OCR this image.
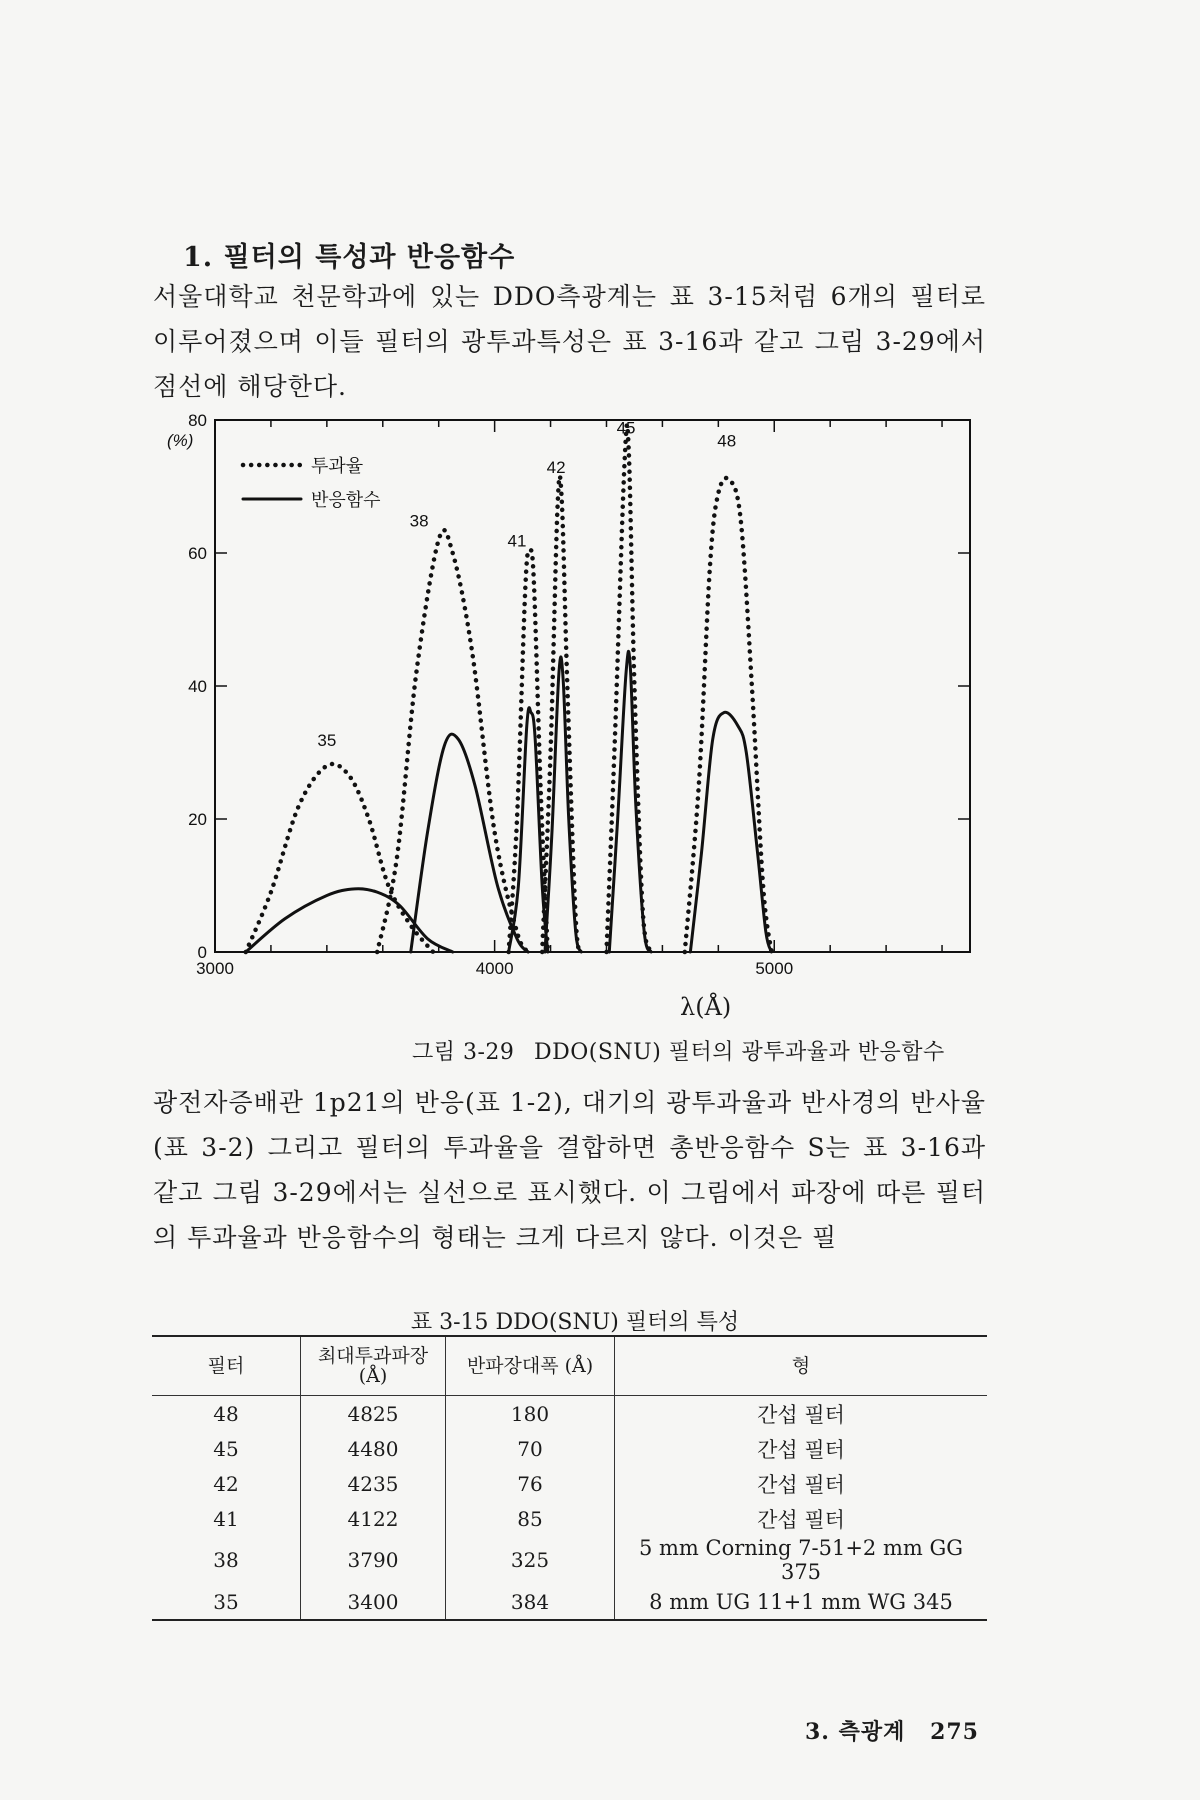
1. 필터의 특성과 반응함수

서울대학교 천문학과에 있는 DDO측광계는 표 3-15처럼 6개의 필터로 이루어졌으며 이들 필터의 광투과특성은 표 3-16과 같고 그림 3-29에서 점선에 해당한다.

3000	4000	5000
0
20
40
60
80
(%)
35
38
41
42
45
48
투과율
반응함수
λ(Å)
그림 3-29 DDO(SNU) 필터의 광투과율과 반응함수

광전자증배관 1p21의 반응(표 1-2), 대기의 광투과율과 반사경의 반사율(표 3-2) 그리고 필터의 투과율을 결합하면 총반응함수 S는 표 3-16과 같고 그림 3-29에서는 실선으로 표시했다. 이 그림에서 파장에 따른 필터의 투과율과 반응함수의 형태는 크게 다르지 않다. 이것은 필

표 3-15 DDO(SNU) 필터의 특성
필터	최대투과파장 (Å)	반파장대폭 (Å)	형
48	4825	180	간섭 필터
45	4480	70	간섭 필터
42	4235	76	간섭 필터
41	4122	85	간섭 필터
38	3790	325	5 mm Corning 7-51+2 mm GG 375
35	3400	384	8 mm UG 11+1 mm WG 345
3. 측광계 275
